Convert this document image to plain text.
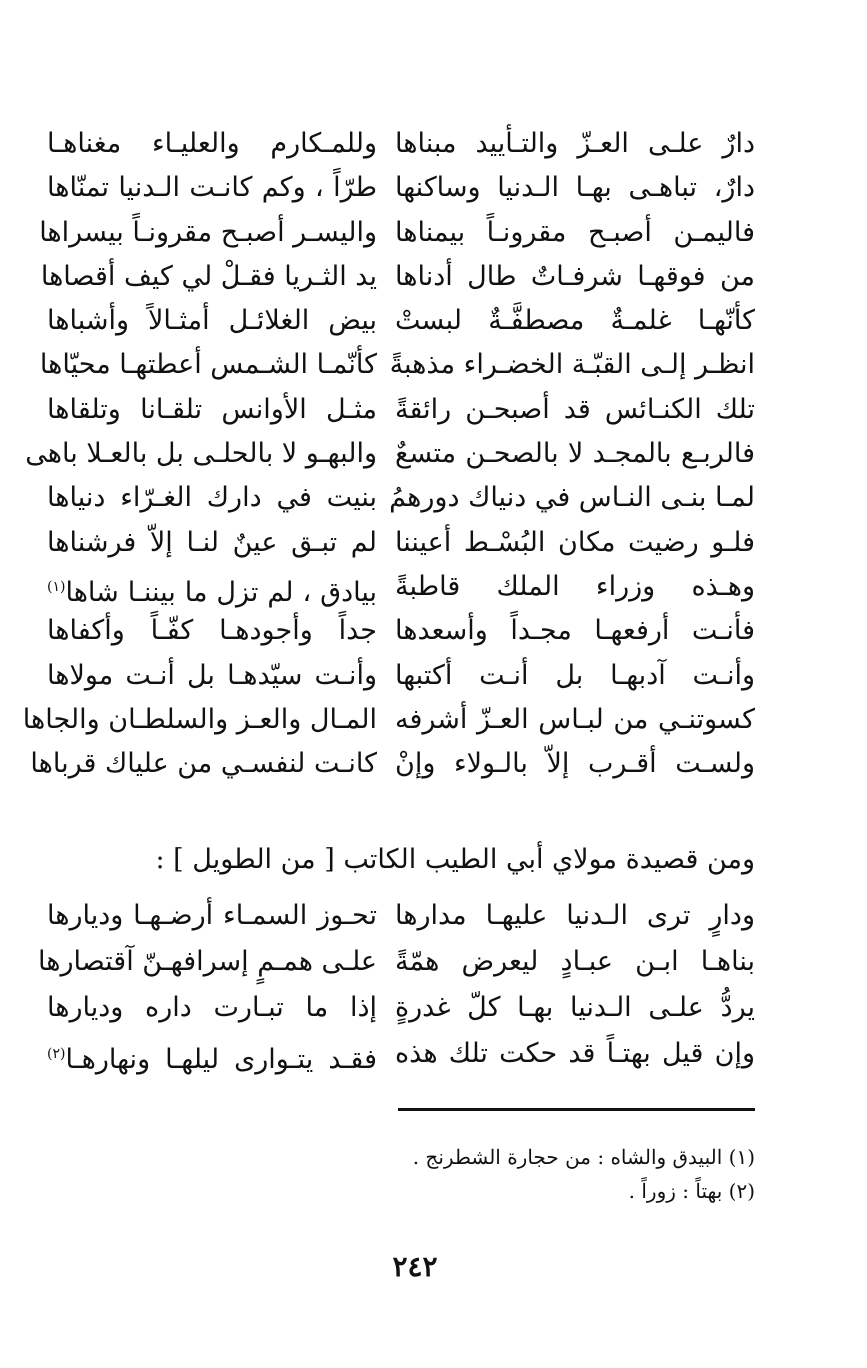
دارٌ علـى العـزّ والتـأييد مبناها
وللمـكارم والعليـاء مغناهـا
دارٌ، تباهـى بهـا الـدنيا وساكنها
طرّاً ، وكم كانـت الـدنيا تمنّاها
فاليمـن أصبـح مقرونـاً بيمناها
واليسـر أصبـح مقرونـاً بيسراها
من فوقهـا شرفـاتٌ طال أدناها
يد الثـريا فقـلْ لي كيف أقصاها
كأنّهـا غلمـةٌ مصطفَّـةٌ لبستْ
بيض الغلائـل أمثـالاً وأشباها
انظـر إلـى القبّـة الخضـراء مذهبةً
كأنّمـا الشـمس أعطتهـا محيّاها
تلك الكنـائس قد أصبحـن رائقةً
مثـل الأوانس تلقـانا وتلقاها
فالربـع بالمجـد لا بالصحـن متسعٌ
والبهـو لا بالحلـى بل بالعـلا باهى
لمـا بنـى النـاس في دنياك دورهمُ
بنيت في دارك الغـرّاء دنياها
فلـو رضيت مكان البُسْـط أعيننا
لم تبـق عينٌ لنـا إلاّ فرشناها
وهـذه وزراء الملك قاطبةً
بيادق ، لم تزل ما بيننـا شاها$^{(١)}$
فأنـت أرفعهـا مجـداً وأسعدها
جداً وأجودهـا كفّـاً وأكفاها
وأنـت آدبهـا بل أنـت أكتبها
وأنـت سيّدهـا بل أنـت مولاها
كسوتنـي من لبـاس العـزّ أشرفه
المـال والعـز والسلطـان والجاها
ولسـت أقـرب إلاّ بالـولاء وإنْ
كانـت لنفسـي من علياك قرباها
ومن قصيدة مولاي أبي الطيب الكاتب [ من الطويل ] :
ودارٍ ترى الـدنيا عليهـا مدارها
تحـوز السمـاء أرضـهـا وديارها
بناهـا ابـن عبـادٍ ليعرض همّةً
علـى همـمٍ إسرافهـنّ آقتصارها
يردُّ علـى الـدنيا بهـا كلّ غدرةٍ
إذا ما تبـارت داره وديارها
وإن قيل بهتـاً قد حكت تلك هذه
فقـد يتـوارى ليلهـا ونهارهـا$^{(٢)}$
(١) البيدق والشاه : من حجارة الشطرنج .
(٢) بهتاً : زوراً .
٢٤٢
